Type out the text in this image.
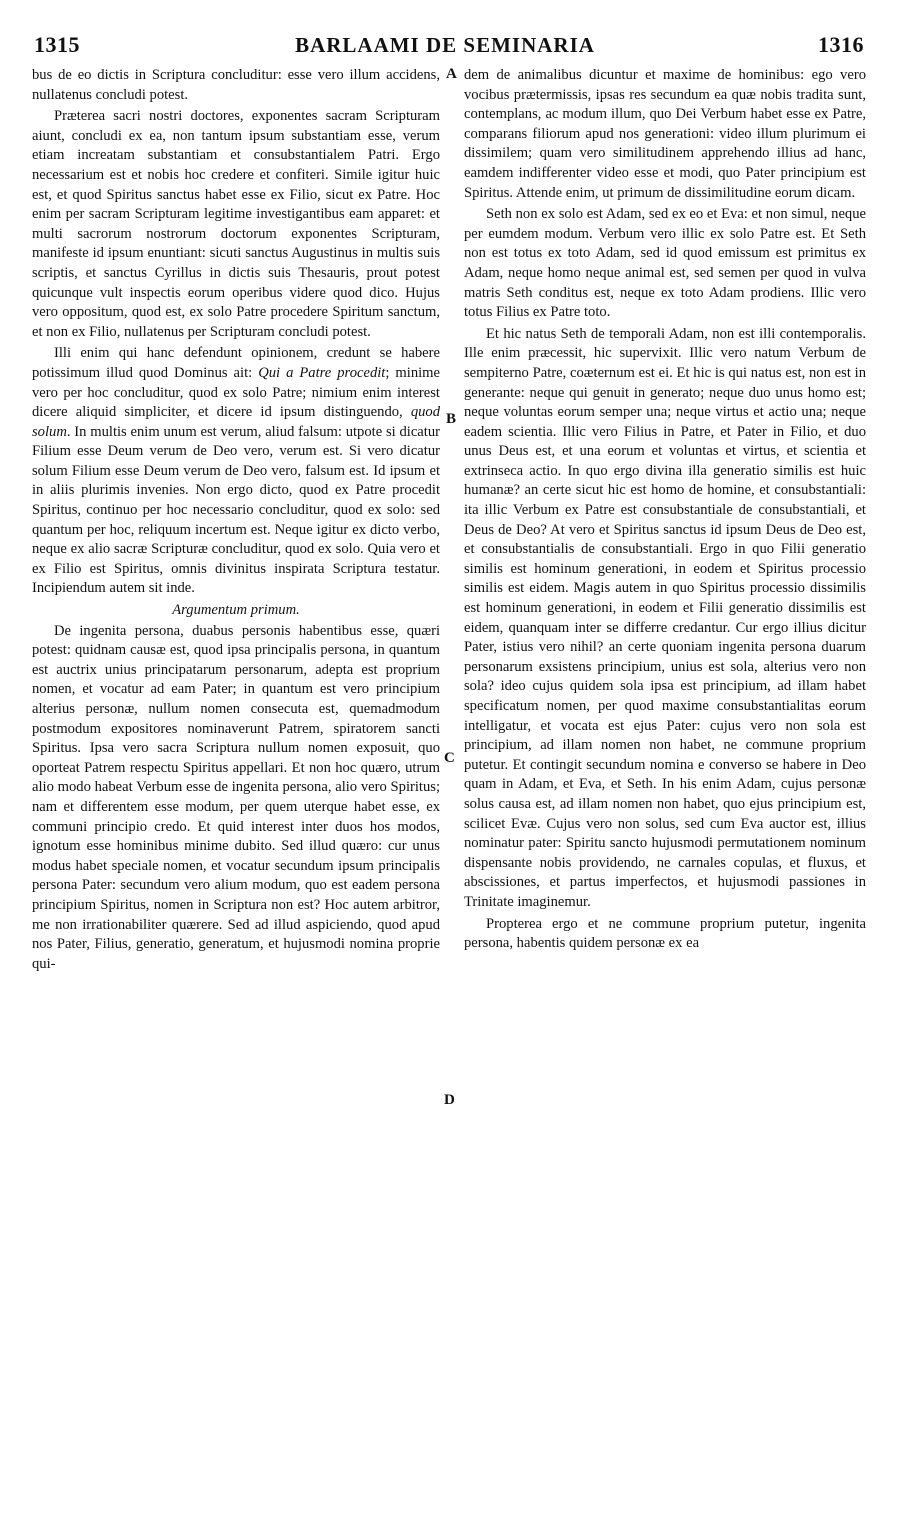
1315	BARLAAMI DE SEMINARIA	1316

bus de eo dictis in Scriptura concluditur: esse vero illum accidens, nullatenus concludi potest.

Præterea sacri nostri doctores, exponentes sacram Scripturam aiunt, concludi ex ea, non tantum ipsum substantiam esse, verum etiam increatam substantiam et consubstantialem Patri. Ergo necessarium est et nobis hoc credere et confiteri. Simile igitur huic est, et quod Spiritus sanctus habet esse ex Filio, sicut ex Patre. Hoc enim per sacram Scripturam legitime investigantibus eam apparet: et multi sacrorum nostrorum doctorum exponentes Scripturam, manifeste id ipsum enuntiant: sicuti sanctus Augustinus in multis suis scriptis, et sanctus Cyrillus in dictis suis Thesauris, prout potest quicunque vult inspectis eorum operibus videre quod dico. Hujus vero oppositum, quod est, ex solo Patre procedere Spiritum sanctum, et non ex Filio, nullatenus per Scripturam concludi potest.

Illi enim qui hanc defendunt opinionem, credunt se habere potissimum illud quod Dominus ait: Qui a Patre procedit; minime vero per hoc concluditur, quod ex solo Patre; nimium enim interest dicere aliquid simpliciter, et dicere id ipsum distinguendo, quod solum. In multis enim unum est verum, aliud falsum: utpote si dicatur Filium esse Deum verum de Deo vero, verum est. Si vero dicatur solum Filium esse Deum verum de Deo vero, falsum est. Id ipsum et in aliis plurimis invenies. Non ergo dicto, quod ex Patre procedit Spiritus, continuo per hoc necessario concluditur, quod ex solo: sed quantum per hoc, reliquum incertum est. Neque igitur ex dicto verbo, neque ex alio sacræ Scripturæ concluditur, quod ex solo. Quia vero et ex Filio est Spiritus, omnis divinitus inspirata Scriptura testatur. Incipiendum autem sit inde.

Argumentum primum.

De ingenita persona, duabus personis habentibus esse, quæri potest: quidnam causæ est, quod ipsa principalis persona, in quantum est auctrix unius principatarum personarum, adepta est proprium nomen, et vocatur ad eam Pater; in quantum est vero principium alterius personæ, nullum nomen consecuta est, quemadmodum postmodum expositores nominaverunt Patrem, spiratorem sancti Spiritus. Ipsa vero sacra Scriptura nullum nomen exposuit, quo oporteat Patrem respectu Spiritus appellari. Et non hoc quæro, utrum alio modo habeat Verbum esse de ingenita persona, alio vero Spiritus; nam et differentem esse modum, per quem uterque habet esse, ex communi principio credo. Et quid interest inter duos hos modos, ignotum esse hominibus minime dubito. Sed illud quæro: cur unus modus habet speciale nomen, et vocatur secundum ipsum principalis persona Pater: secundum vero alium modum, quo est eadem persona principium Spiritus, nomen in Scriptura non est? Hoc autem arbitror, me non irrationabiliter quærere. Sed ad illud aspiciendo, quod apud nos Pater, Filius, generatio, generatum, et hujusmodi nomina proprie qui-

dem de animalibus dicuntur et maxime de hominibus: ego vero vocibus prætermissis, ipsas res secundum ea quæ nobis tradita sunt, contemplans, ac modum illum, quo Dei Verbum habet esse ex Patre, comparans filiorum apud nos generationi: video illum plurimum ei dissimilem; quam vero similitudinem apprehendo illius ad hanc, eamdem indifferenter video esse et modi, quo Pater principium est Spiritus. Attende enim, ut primum de dissimilitudine eorum dicam.

Seth non ex solo est Adam, sed ex eo et Eva: et non simul, neque per eumdem modum. Verbum vero illic ex solo Patre est. Et Seth non est totus ex toto Adam, sed id quod emissum est primitus ex Adam, neque homo neque animal est, sed semen per quod in vulva matris Seth conditus est, neque ex toto Adam prodiens. Illic vero totus Filius ex Patre toto.

Et hic natus Seth de temporali Adam, non est illi contemporalis. Ille enim præcessit, hic supervixit. Illic vero natum Verbum de sempiterno Patre, coæternum est ei. Et hic is qui natus est, non est in generante: neque qui genuit in generato; neque duo unus homo est; neque voluntas eorum semper una; neque virtus et actio una; neque eadem scientia. Illic vero Filius in Patre, et Pater in Filio, et duo unus Deus est, et una eorum et voluntas et virtus, et scientia et extrinseca actio. In quo ergo divina illa generatio similis est huic humanæ? an certe sicut hic est homo de homine, et consubstantiali: ita illic Verbum ex Patre est consubstantiale de consubstantiali, et Deus de Deo? At vero et Spiritus sanctus id ipsum Deus de Deo est, et consubstantialis de consubstantiali. Ergo in quo Filii generatio similis est hominum generationi, in eodem et Spiritus processio similis est eidem. Magis autem in quo Spiritus processio dissimilis est hominum generationi, in eodem et Filii generatio dissimilis est eidem, quanquam inter se differre credantur. Cur ergo illius dicitur Pater, istius vero nihil? an certe quoniam ingenita persona duarum personarum exsistens principium, unius est sola, alterius vero non sola? ideo cujus quidem sola ipsa est principium, ad illam habet specificatum nomen, per quod maxime consubstantialitas eorum intelligatur, et vocata est ejus Pater: cujus vero non sola est principium, ad illam nomen non habet, ne commune proprium putetur. Et contingit secundum nomina e converso se habere in Deo quam in Adam, et Eva, et Seth. In his enim Adam, cujus personæ solus causa est, ad illam nomen non habet, quo ejus principium est, scilicet Evæ. Cujus vero non solus, sed cum Eva auctor est, illius nominatur pater: Spiritu sancto hujusmodi permutationem nominum dispensante nobis providendo, ne carnales copulas, et fluxus, et abscissiones, et partus imperfectos, et hujusmodi passiones in Trinitate imaginemur.

Propterea ergo et ne commune proprium putetur, ingenita persona, habentis quidem personæ ex ea

A
B
C
D
